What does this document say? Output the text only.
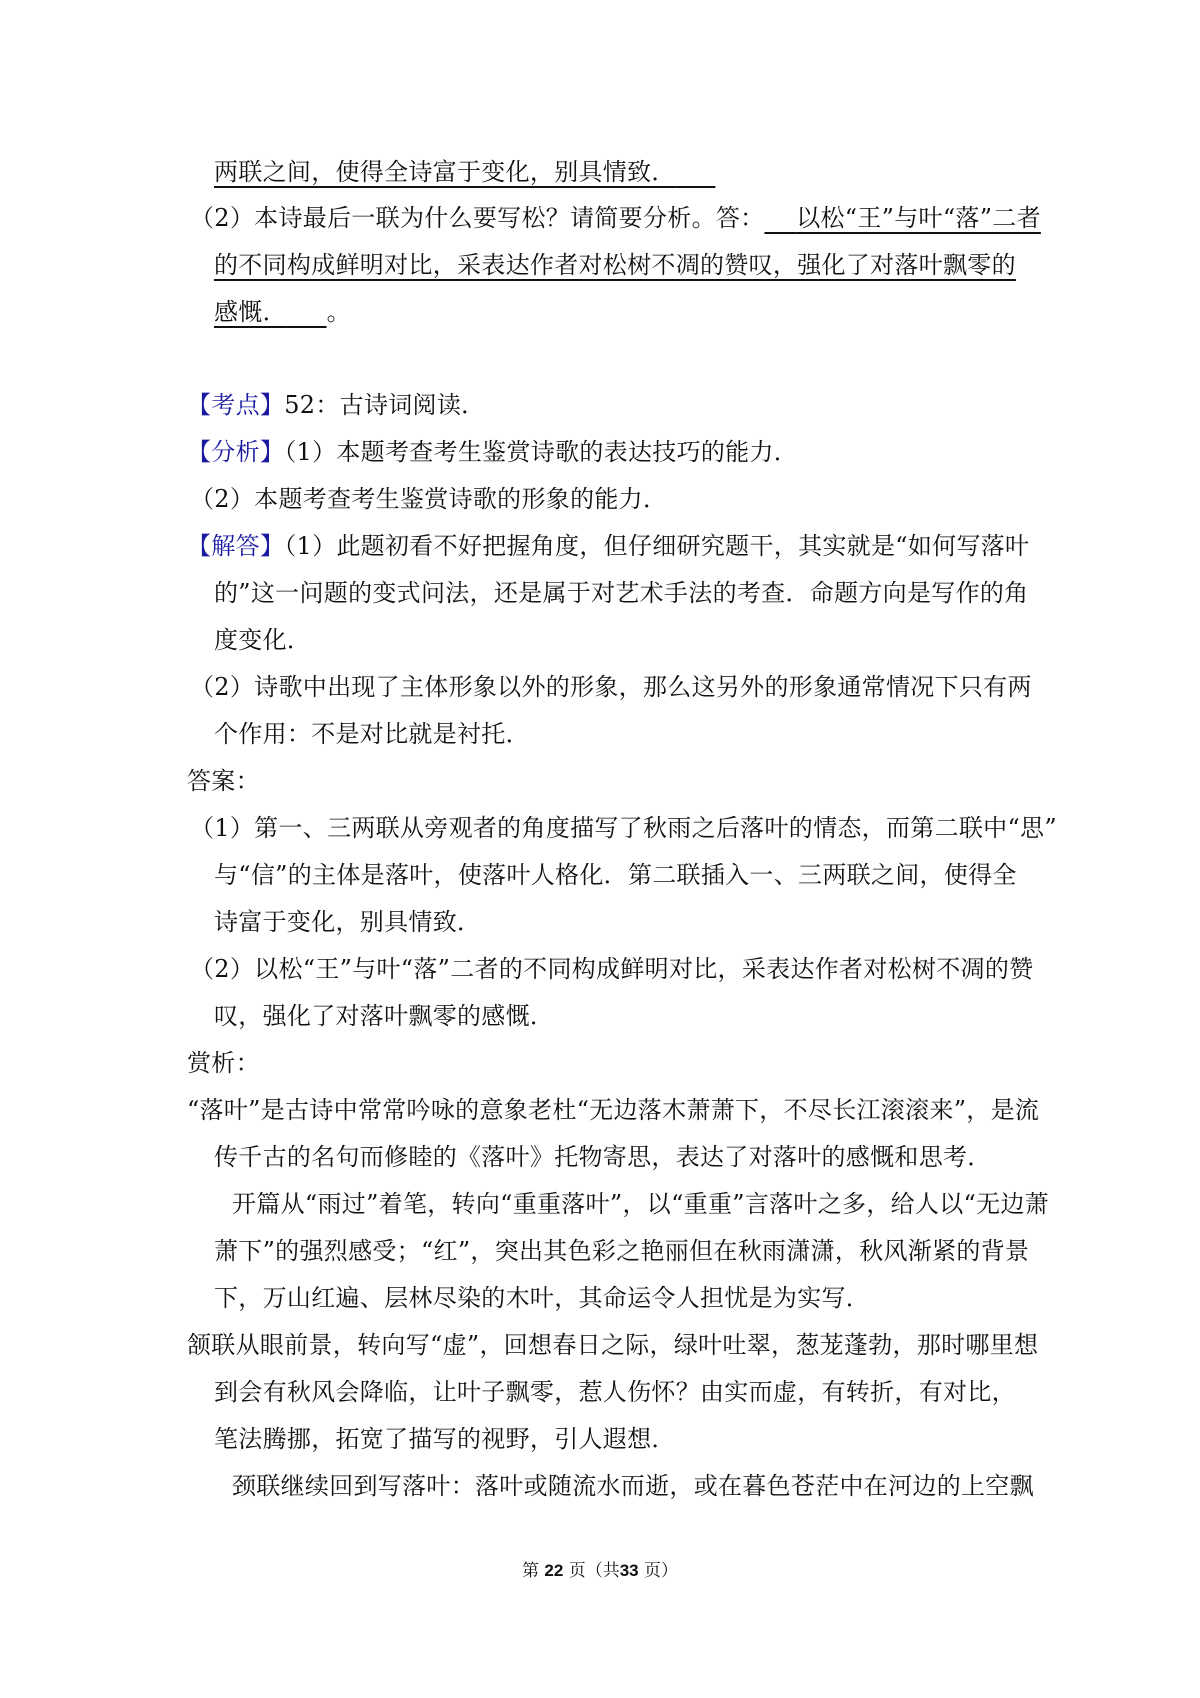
两联之间，使得全诗富于变化，别具情致．
（2）本诗最后一联为什么要写松？请简要分析。答： 以松“王”与叶“落”二者
的不同构成鲜明对比，采表达作者对松树不凋的赞叹，强化了对落叶飘零的
感慨． 。
【考点】52：古诗词阅读．
【分析】（1）本题考查考生鉴赏诗歌的表达技巧的能力．
（2）本题考查考生鉴赏诗歌的形象的能力．
【解答】（1）此题初看不好把握角度，但仔细研究题干，其实就是“如何写落叶
的”这一问题的变式问法，还是属于对艺术手法的考查．命题方向是写作的角
度变化．
（2）诗歌中出现了主体形象以外的形象，那么这另外的形象通常情况下只有两
个作用：不是对比就是衬托．
答案：
（1）第一、三两联从旁观者的角度描写了秋雨之后落叶的情态，而第二联中“思”
与“信”的主体是落叶，使落叶人格化．第二联插入一、三两联之间，使得全
诗富于变化，别具情致．
（2）以松“王”与叶“落”二者的不同构成鲜明对比，采表达作者对松树不凋的赞
叹，强化了对落叶飘零的感慨．
赏析：
“落叶”是古诗中常常吟咏的意象老杜“无边落木萧萧下，不尽长江滚滚来”，是流
传千古的名句而修睦的《落叶》托物寄思，表达了对落叶的感慨和思考．
开篇从“雨过”着笔，转向“重重落叶”，以“重重”言落叶之多，给人以“无边萧
萧下”的强烈感受；“红”，突出其色彩之艳丽但在秋雨潇潇，秋风渐紧的背景
下，万山红遍、层林尽染的木叶，其命运令人担忧是为实写．
颔联从眼前景，转向写“虚”，回想春日之际，绿叶吐翠，葱茏蓬勃，那时哪里想
到会有秋风会降临，让叶子飘零，惹人伤怀？由实而虚，有转折，有对比，
笔法腾挪，拓宽了描写的视野，引人遐想．
颈联继续回到写落叶：落叶或随流水而逝，或在暮色苍茫中在河边的上空飘
第 22 页（共33 页）
